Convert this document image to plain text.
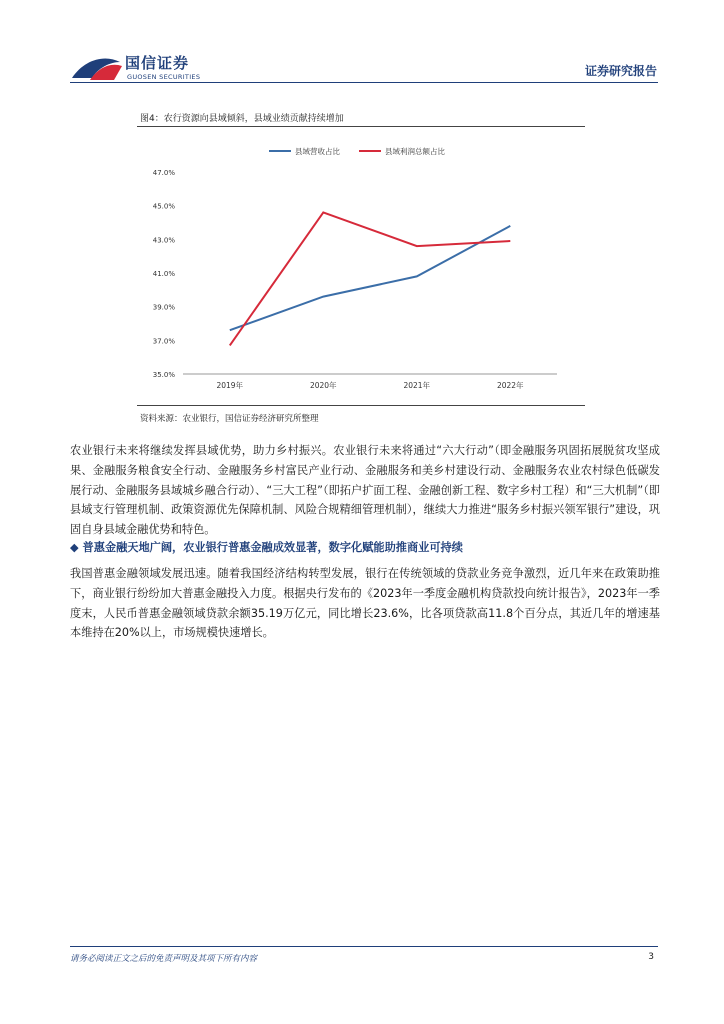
国信证券
GUOSEN SECURITIES	证券研究报告
图4：农行资源向县域倾斜，县域业绩贡献持续增加
县域营收占比	县域利润总额占比
35.0%
37.0%
39.0%
41.0%
43.0%
45.0%
47.0%
2019年	2020年	2021年	2022年
资料来源：农业银行，国信证券经济研究所整理
农业银行未来将继续发挥县域优势，助力乡村振兴。农业银行未来将通过“六大行动”（即金融服务巩固拓展脱贫攻坚成果、金融服务粮食安全行动、金融服务乡村富民产业行动、金融服务和美乡村建设行动、金融服务农业农村绿色低碳发展行动、金融服务县域城乡融合行动）、“三大工程”（即拓户扩面工程、金融创新工程、数字乡村工程）和“三大机制”（即县域支行管理机制、政策资源优先保障机制、风险合规精细管理机制），继续大力推进“服务乡村振兴领军银行”建设，巩固自身县域金融优势和特色。
◆ 普惠金融天地广阔，农业银行普惠金融成效显著，数字化赋能助推商业可持续
我国普惠金融领域发展迅速。随着我国经济结构转型发展，银行在传统领域的贷款业务竞争激烈，近几年来在政策助推下，商业银行纷纷加大普惠金融投入力度。根据央行发布的《2023年一季度金融机构贷款投向统计报告》，2023年一季度末，人民币普惠金融领域贷款余额35.19万亿元，同比增长23.6%，比各项贷款高11.8个百分点，其近几年的增速基本维持在20%以上，市场规模快速增长。
请务必阅读正文之后的免责声明及其项下所有内容	3
